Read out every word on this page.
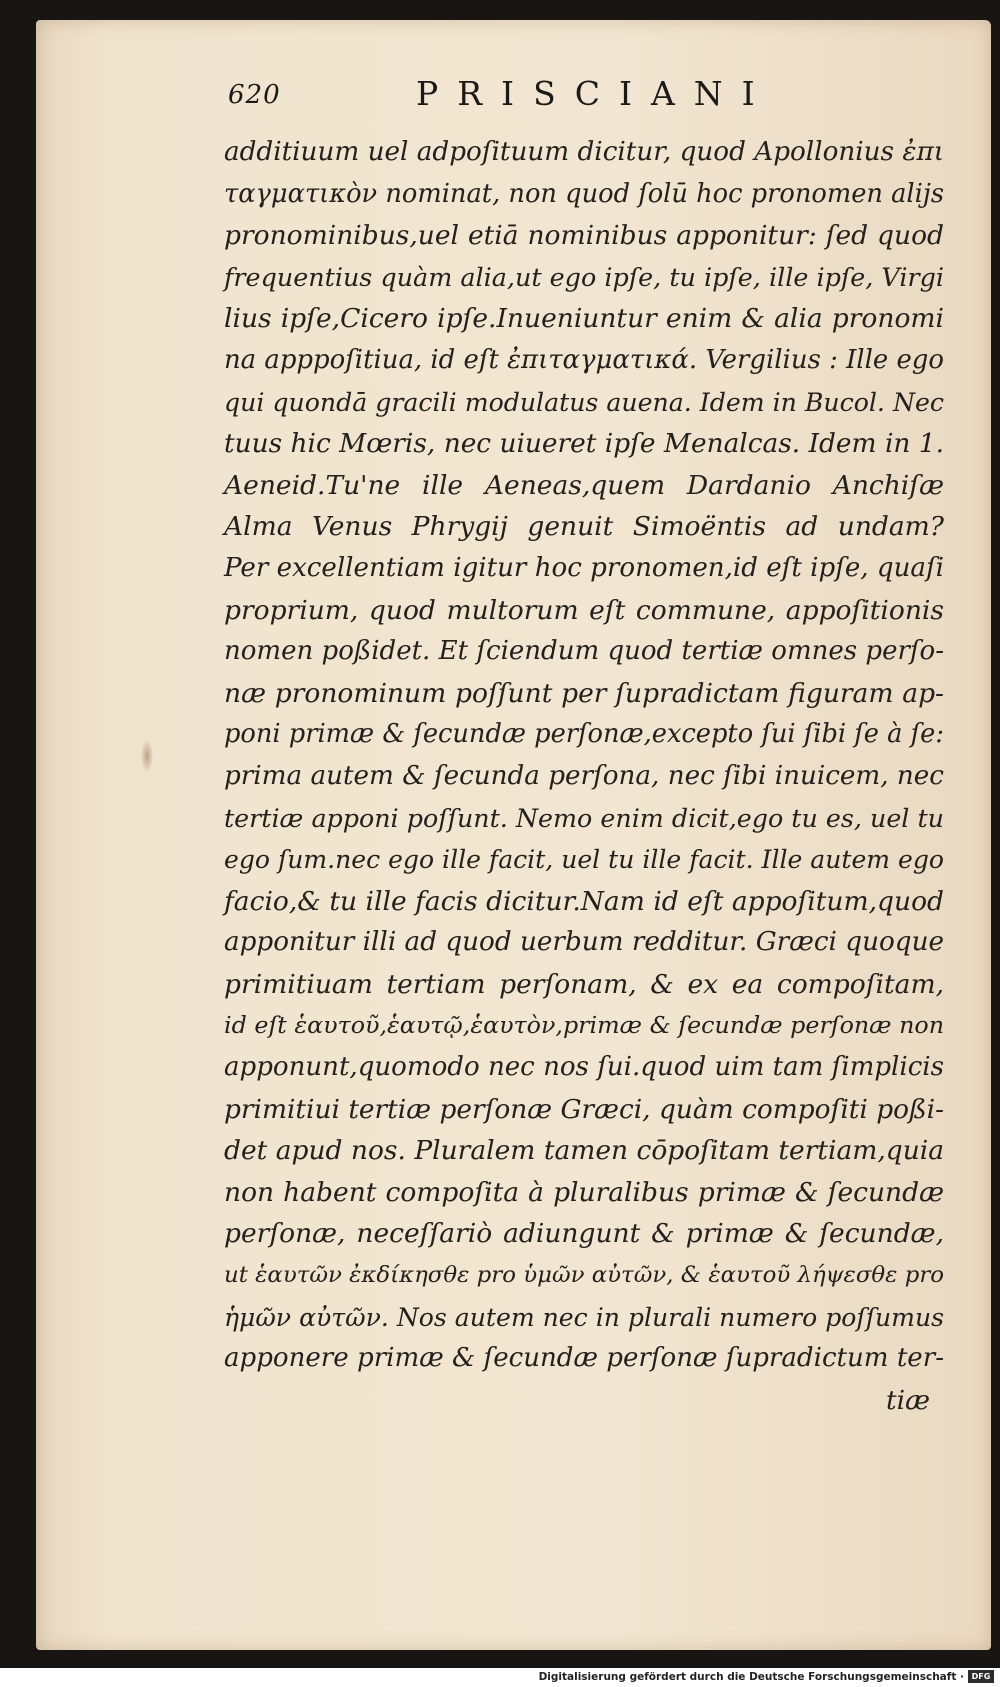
620	PRISCIANI
additiuum uel adpoſituum dicitur, quod Apollonius ἐπι
ταγματικὸν nominat, non quod ſolū hoc pronomen alijs
pronominibus,uel etiā nominibus apponitur: ſed quod
frequentius quàm alia,ut ego ipſe, tu ipſe, ille ipſe, Virgi
lius ipſe,Cicero ipſe.Inueniuntur enim & alia pronomi
na apppoſitiua, id eſt ἐπιταγματικά. Vergilius : Ille ego
qui quondā gracili modulatus auena. Idem in Bucol. Nec
tuus hic Mœris, nec uiueret ipſe Menalcas. Idem in 1.
Aeneid.Tu'ne ille Aeneas,quem Dardanio Anchiſæ
Alma Venus Phrygij genuit Simoëntis ad undam?
Per excellentiam igitur hoc pronomen,id eſt ipſe, quaſi
proprium, quod multorum eſt commune, appoſitionis
nomen poßidet. Et ſciendum quod tertiæ omnes perſo-
næ pronominum poſſunt per ſupradictam figuram ap-
poni primæ & ſecundæ perſonæ,excepto ſui ſibi ſe à ſe:
prima autem & ſecunda perſona, nec ſibi inuicem, nec
tertiæ apponi poſſunt. Nemo enim dicit,ego tu es, uel tu
ego ſum.nec ego ille facit, uel tu ille facit. Ille autem ego
facio,& tu ille facis dicitur.Nam id eſt appoſitum,quod
apponitur illi ad quod uerbum redditur. Græci quoque
primitiuam tertiam perſonam, & ex ea compoſitam,
id eſt ἑαυτοῦ,ἑαυτῷ,ἑαυτὸν,primæ & ſecundæ perſonæ non
apponunt,quomodo nec nos ſui.quod uim tam ſimplicis
primitiui tertiæ perſonæ Græci, quàm compoſiti poßi-
det apud nos. Pluralem tamen cōpoſitam tertiam,quia
non habent compoſita à pluralibus primæ & ſecundæ
perſonæ, neceſſariò adiungunt & primæ & ſecundæ,
ut ἑαυτῶν ἐκδίκησθε pro ὑμῶν αὐτῶν, & ἑαυτοῦ λήψεσθε pro
ἡμῶν αὐτῶν. Nos autem nec in plurali numero poſſumus
apponere primæ & ſecundæ perſonæ ſupradictum ter-
tiæ
Digitalisierung gefördert durch die Deutsche Forschungsgemeinschaft · DFG
